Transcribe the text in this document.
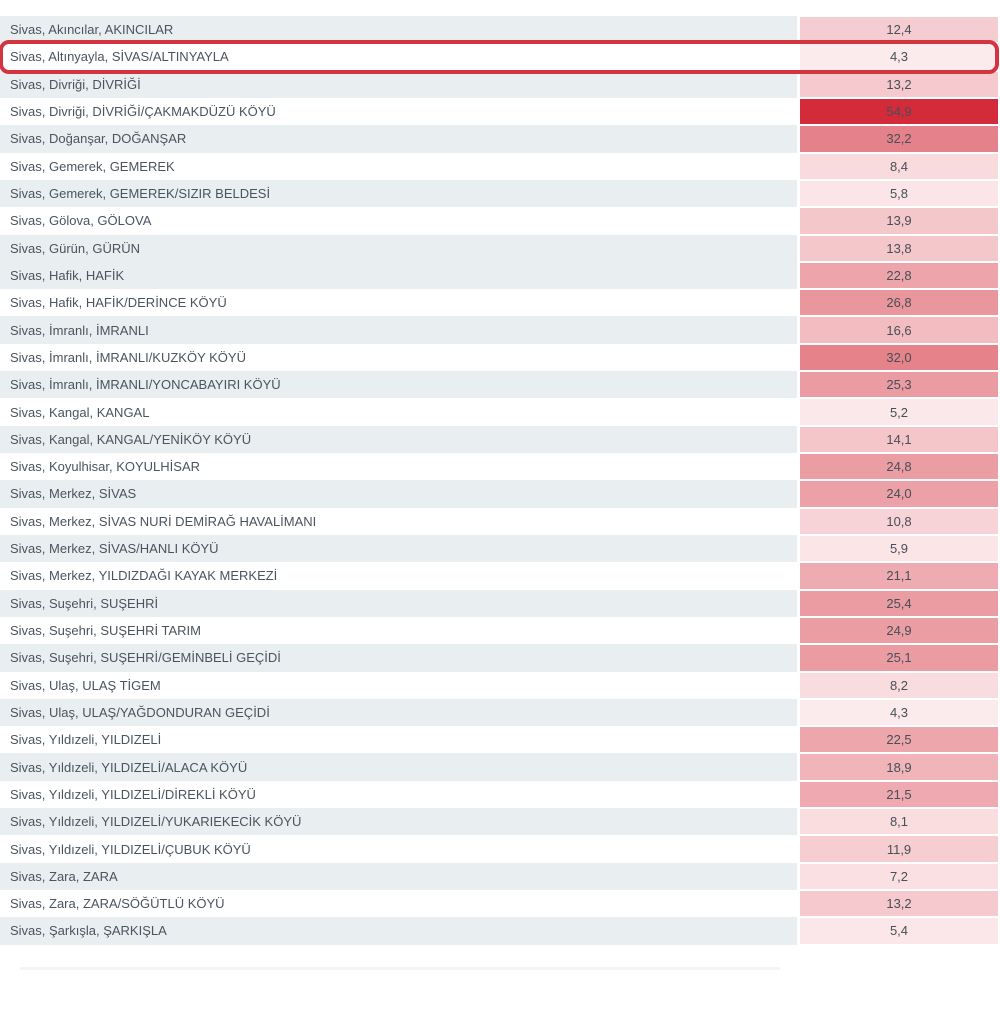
Sivas, Akıncılar, AKINCILAR	12,4
Sivas, Altınyayla, SİVAS/ALTINYAYLA	4,3
Sivas, Divriği, DİVRİĞİ	13,2
Sivas, Divriği, DİVRİĞİ/ÇAKMAKDÜZÜ KÖYÜ	54,9
Sivas, Doğanşar, DOĞANŞAR	32,2
Sivas, Gemerek, GEMEREK	8,4
Sivas, Gemerek, GEMEREK/SIZIR BELDESİ	5,8
Sivas, Gölova, GÖLOVA	13,9
Sivas, Gürün, GÜRÜN	13,8
Sivas, Hafik, HAFİK	22,8
Sivas, Hafik, HAFİK/DERİNCE KÖYÜ	26,8
Sivas, İmranlı, İMRANLI	16,6
Sivas, İmranlı, İMRANLI/KUZKÖY KÖYÜ	32,0
Sivas, İmranlı, İMRANLI/YONCABAYIRI KÖYÜ	25,3
Sivas, Kangal, KANGAL	5,2
Sivas, Kangal, KANGAL/YENİKÖY KÖYÜ	14,1
Sivas, Koyulhisar, KOYULHİSAR	24,8
Sivas, Merkez, SİVAS	24,0
Sivas, Merkez, SİVAS NURİ DEMİRAĞ HAVALİMANI	10,8
Sivas, Merkez, SİVAS/HANLI KÖYÜ	5,9
Sivas, Merkez, YILDIZDAĞI KAYAK MERKEZİ	21,1
Sivas, Suşehri, SUŞEHRİ	25,4
Sivas, Suşehri, SUŞEHRİ TARIM	24,9
Sivas, Suşehri, SUŞEHRİ/GEMİNBELİ GEÇİDİ	25,1
Sivas, Ulaş, ULAŞ TİGEM	8,2
Sivas, Ulaş, ULAŞ/YAĞDONDURAN GEÇİDİ	4,3
Sivas, Yıldızeli, YILDIZELİ	22,5
Sivas, Yıldızeli, YILDIZELİ/ALACA KÖYÜ	18,9
Sivas, Yıldızeli, YILDIZELİ/DİREKLİ KÖYÜ	21,5
Sivas, Yıldızeli, YILDIZELİ/YUKARIEKECİK KÖYÜ	8,1
Sivas, Yıldızeli, YILDIZELİ/ÇUBUK KÖYÜ	11,9
Sivas, Zara, ZARA	7,2
Sivas, Zara, ZARA/SÖĞÜTLÜ KÖYÜ	13,2
Sivas, Şarkışla, ŞARKIŞLA	5,4
